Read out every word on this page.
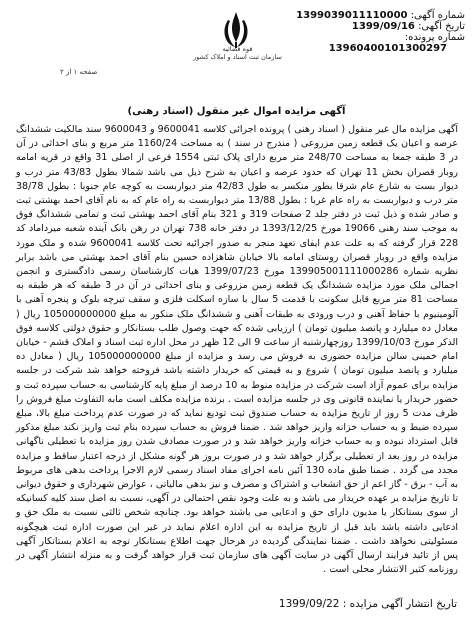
شماره آگهی: 1399039011110000
تاریخ آگهی: 1399/09/16
شماره پرونده:
13960400101300297
قوه قضائیه
سازمان ثبت اسناد و املاک کشور
صفحه ۱ از ۲
آگهی مزایده اموال غیر منقول (اسناد رهنی)
آگهی مزایده مال غیر منقول ( اسناد رهنی ) پرونده اجرائی کلاسه 9600041 و 9600043 سند مالکیت ششدانگ عرصه و اعیان یک قطعه زمین مزروعی ( مندرج در سند ) به مساحت 1160/24 متر مربع و بنای احداثی در آن در 3 طبقه جمعا به مساحت 248/70 متر مربع دارای پلاک ثبتی 1554 فرعی از اصلی 31 واقع در قریه امامه روبار قصران بخش 11 تهران که حدود عرصه و اعیان به شرح ذیل می باشد شمالا بطول 43/83 متر درب و دیوار بست به شارع عام شرقا بطور منکسر به طول 42/83 متر دیواربست به کوچه عام جنوبا : بطول 38/78 متر درب و دیواربست به راه عام غربا : بطول 13/88 متر دیواربست به راه عام که به نام آقای احمد بهشتی ثبت و صادر شده و ذیل ثبت در دفتر جلد 2 صفحات 319 و 321 بنام آقای احمد بهشتی ثبت و تمامی ششدانگ فوق به موجب سند رهنی 19066 مورخ 1393/12/25 در دفتر خانه 738 تهران در رهن بانک آینده شعبه میرداماد کد 228 قرار گرفته که به علت عدم ایفای تعهد منجر به صدور اجرائیه تحت کلاسه 9600041 شده و ملک مورد مزایده واقع در روبار قصران روستای امامه بالا خیابان شاهزاده حسین بنام آقای احمد بهشتی می باشد برابر نظریه شماره 139905001111000286 مورخ 1399/07/23 هیات کارشناسان رسمی دادگستری و انجمن اجمالی ملک مورد مزایده ششدانگ یک قطعه زمین مزروعی و بنای احداثی در آن در 3 طبقه که هر طبقه به مساحت 81 متر مربع قابل سکونت با قدمت 5 سال با سازه اسکلت فلزی و سقف تیرچه بلوک و پنجره آهنی با آلومینیوم با حفاظ آهنی و درب ورودی به طبقات آهنی و ششدانگ ملک منکور به مبلغ 105000000000 ریال ( معادل ده میلیارد و پانصد میلیون تومان ) ارزیابی شده که جهت وصول طلب بستانکار و حقوق دولتی کلاسه فوق الذکر مورخ 1399/10/03 روزچهارشنبه از ساعت 9 الی 12 ظهر در محل اداره ثبت اسناد و املاک قشم - خیابان امام خمینی سالن مزایده حضوری به فروش می رسد و مزایده از مبلغ 105000000000 ریال ( معادل ده میلیارد و پانصد میلیون تومان ) شروع و به قیمتی که خریدار داشته باشد فروخته خواهد شد شرکت در جلسه مزایده برای عموم آزاد است شرکت در مزایده منوط به 10 درصد از مبلغ پایه کارشناسی به حساب سپرده ثبت و حضور خریدار یا نماینده قانونی وی در جلسه مزایده است . برنده مزایده مکلف است مابه التفاوت مبلغ فروش را ظرف مدت 5 روز از تاریخ مزایده به حساب صندوق ثبت تودیع نماید که در صورت عدم پرداخت مبلغ بالا، مبلغ سپرده ضبط و به حساب خزانه واریز خواهد شد . ضمنا فروش به حساب سپرده بنام ثبت واریز نکند مبلغ مذکور قابل استرداد نبوده و به حساب خزانه واریز خواهد شد و در صورت مصادف شدن روز مزایده با تعطیلی ناگهانی مزایده در روز بعد از تعطیلی برگزار خواهد شد و در صورت بروز هر گونه مشکل از درجه اعتبار ساقط و مزایده مجدد می گردد . ضمنا طبق ماده 130 آئین نامه اجرای مفاد اسناد رسمی لازم الاجرا پرداخت بدهی های مربوط به آب - برق - گاز اعم از حق انشعاب و اشتراک و مصرف و نیز بدهی مالیاتی ، عوارض شهرداری و حقوق دیوانی تا تاریخ مزایده بر عهده خریدار می باشد و به علت وجود نقص احتمالی در آگهی، نسبت به اصل سند کلیه کسانیکه از سوی بستانکار یا مدیون دارای حق و ادعایی می باشند خواهد بود. چنانچه شخص ثالثی نسبت به ملک حق و ادعایی داشته باشد باید قبل از تاریخ مزایده به این اداره اعلام نماید در غیر این صورت اداره ثبت هیچگونه مسئولیتی نخواهد داشت . ضمنا نمایندگی گردیده در هرحال جهت اطلاع بستانکار توجه به اعلام بستانکار آگهی پس از تائید فرایند ارسال آگهی در سایت آگهی های سازمان ثبت قرار خواهد گرفت و به منزله انتشار آگهی در روزنامه کثیر الانتشار محلی است .
تاریخ انتشار آگهی مزایده : 1399/09/22
